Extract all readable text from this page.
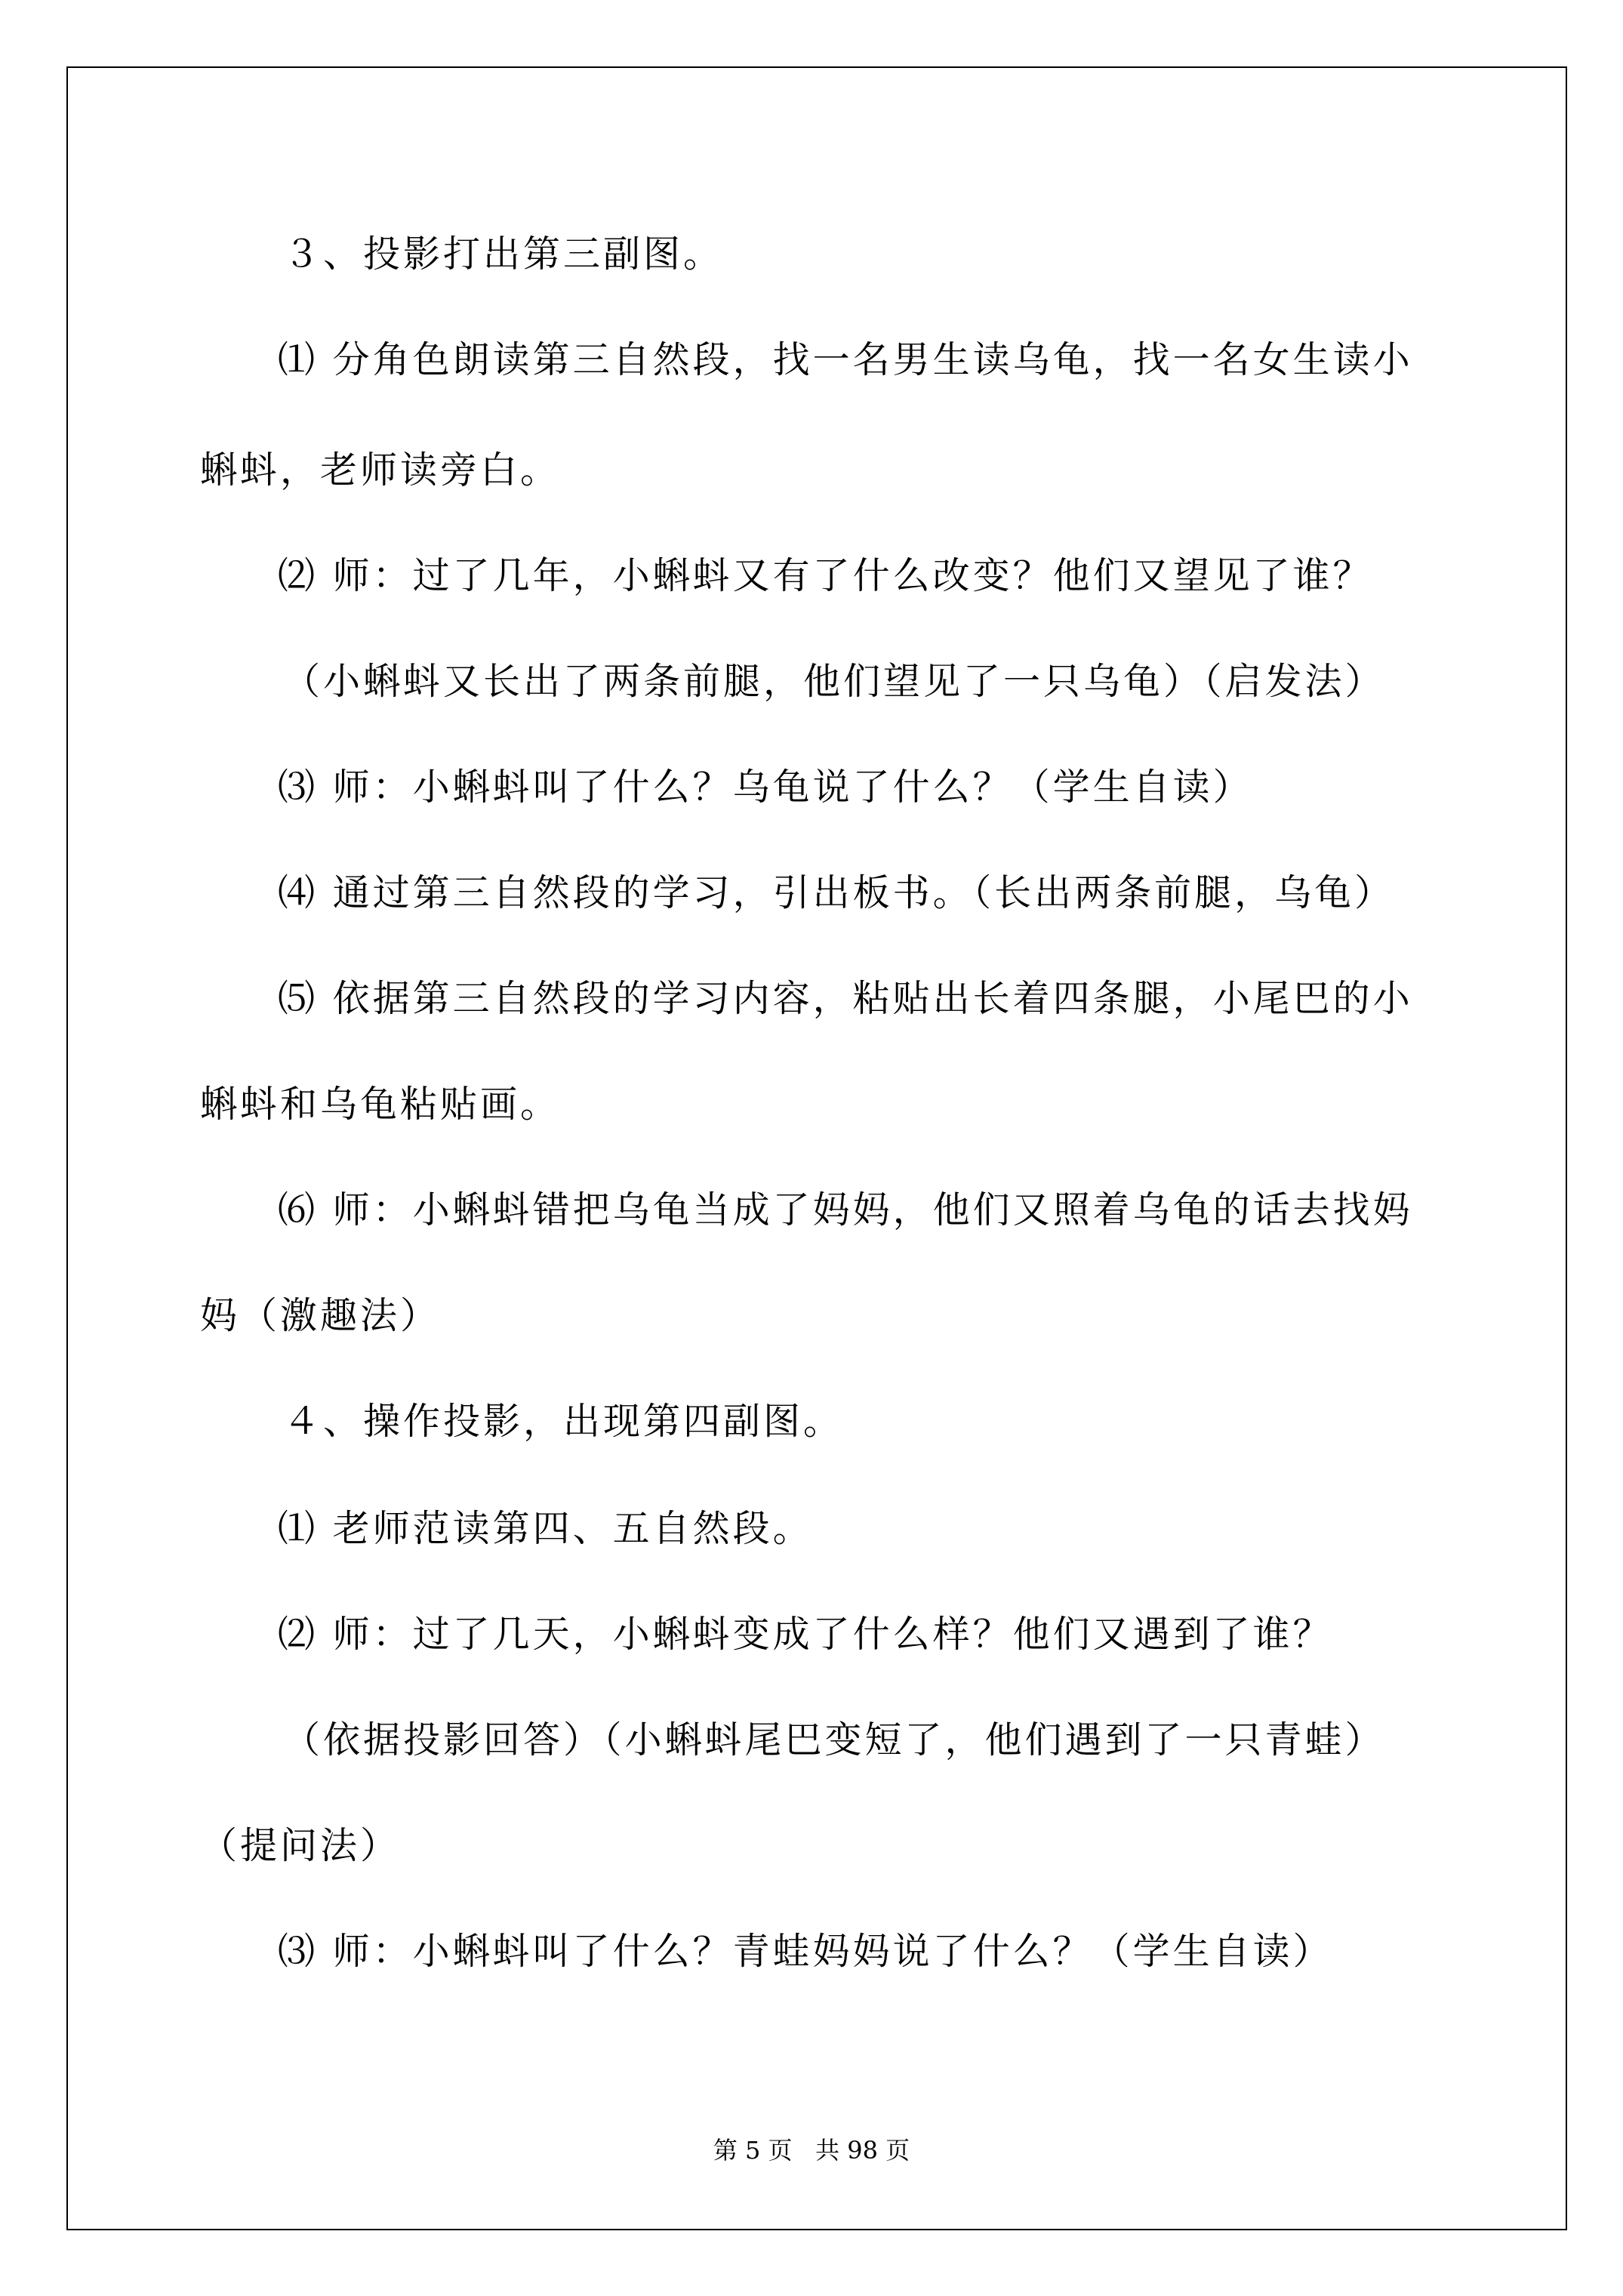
３、投影打出第三副图。
⑴ 分角色朗读第三自然段，找一名男生读乌龟，找一名女生读小
蝌蚪，老师读旁白。
⑵ 师：过了几年，小蝌蚪又有了什么改变？他们又望见了谁？
（小蝌蚪又长出了两条前腿，他们望见了一只乌龟）（启发法）
⑶ 师：小蝌蚪叫了什么？乌龟说了什么？（学生自读）
⑷ 通过第三自然段的学习，引出板书。（长出两条前腿，乌龟）
⑸ 依据第三自然段的学习内容，粘贴出长着四条腿，小尾巴的小
蝌蚪和乌龟粘贴画。
⑹ 师：小蝌蚪错把乌龟当成了妈妈，他们又照着乌龟的话去找妈
妈（激趣法）
４、操作投影，出现第四副图。
⑴ 老师范读第四、五自然段。
⑵ 师：过了几天，小蝌蚪变成了什么样？他们又遇到了谁？
（依据投影回答）（小蝌蚪尾巴变短了，他们遇到了一只青蛙）
（提问法）
⑶ 师：小蝌蚪叫了什么？青蛙妈妈说了什么？（学生自读）
第 5 页   共 98 页
